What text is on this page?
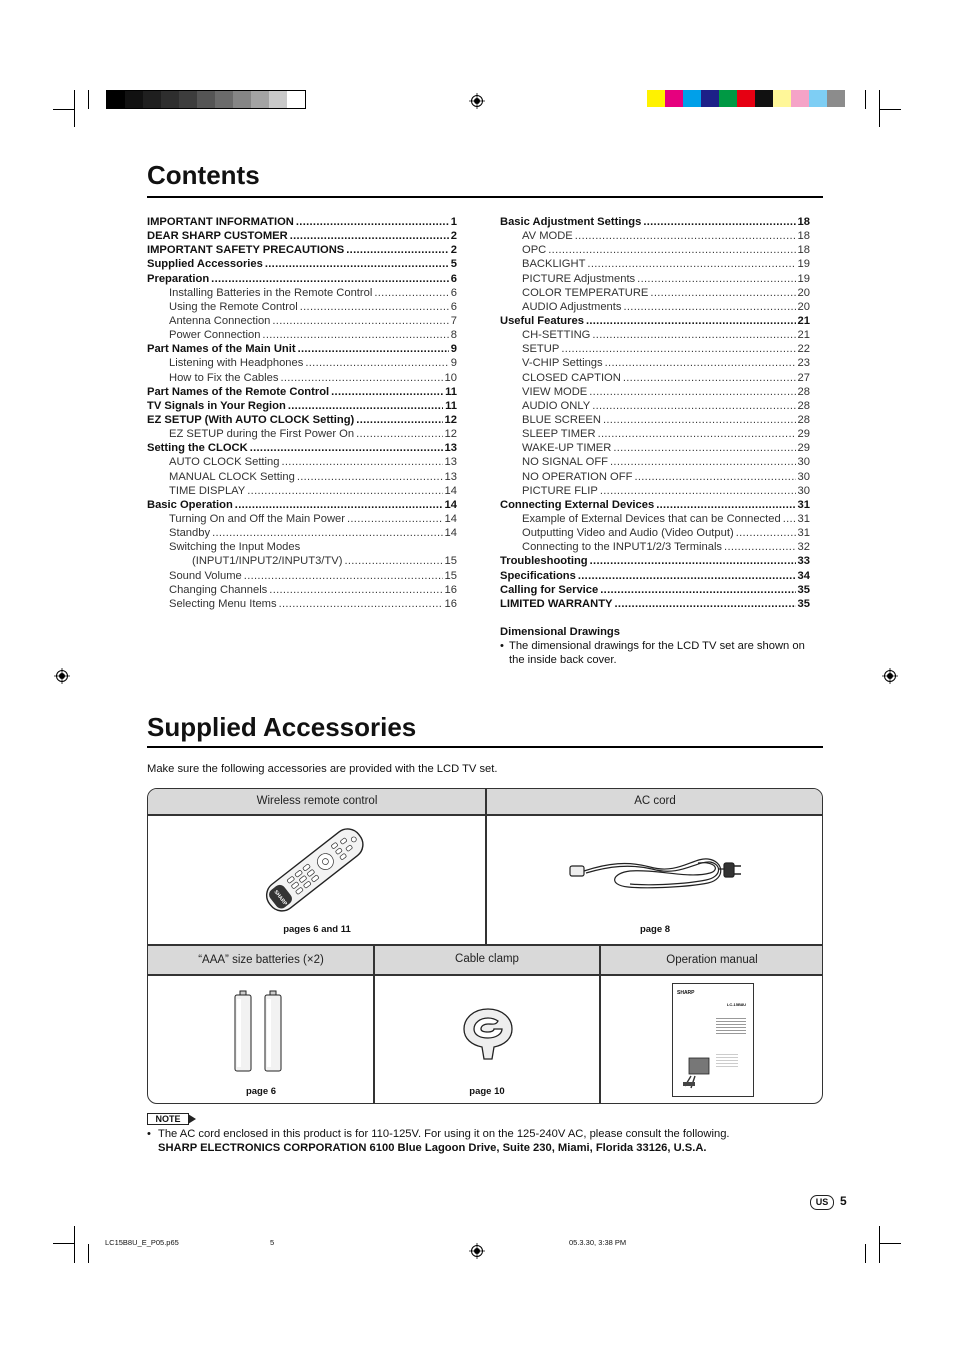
Contents
IMPORTANT INFORMATION .....	1
DEAR SHARP CUSTOMER .....	2
IMPORTANT SAFETY PRECAUTIONS .....	2
Supplied Accessories .....	5
Preparation .....	6
Installing Batteries in the Remote Control .....	6
Using the Remote Control .....	6
Antenna Connection .....	7
Power Connection .....	8
Part Names of the Main Unit .....	9
Listening with Headphones .....	9
How to Fix the Cables .....	10
Part Names of the Remote Control .....	11
TV Signals in Your Region .....	11
EZ SETUP (With AUTO CLOCK Setting) .....	12
EZ SETUP during the First Power On .....	12
Setting the CLOCK .....	13
AUTO CLOCK Setting .....	13
MANUAL CLOCK Setting .....	13
TIME DISPLAY .....	14
Basic Operation .....	14
Turning On and Off the Main Power .....	14
Standby .....	14
Switching the Input Modes
(INPUT1/INPUT2/INPUT3/TV) .....	15
Sound Volume .....	15
Changing Channels .....	16
Selecting Menu Items .....	16
Basic Adjustment Settings .....	18
AV MODE .....	18
OPC .....	18
BACKLIGHT .....	19
PICTURE Adjustments .....	19
COLOR TEMPERATURE .....	20
AUDIO Adjustments .....	20
Useful Features .....	21
CH-SETTING .....	21
SETUP .....	22
V-CHIP Settings .....	23
CLOSED CAPTION .....	27
VIEW MODE .....	28
AUDIO ONLY .....	28
BLUE SCREEN .....	28
SLEEP TIMER .....	29
WAKE-UP TIMER .....	29
NO SIGNAL OFF .....	30
NO OPERATION OFF .....	30
PICTURE FLIP .....	30
Connecting External Devices .....	31
Example of External Devices that can be Connected ..... 31
Outputting Video and Audio (Video Output) .....	31
Connecting to the INPUT1/2/3 Terminals .....	32
Troubleshooting .....	33
Specifications .....	34
Calling for Service .....	35
LIMITED WARRANTY .....	35
Dimensional Drawings
• The dimensional drawings for the LCD TV set are shown on
the inside back cover.
Supplied Accessories
Make sure the following accessories are provided with the LCD TV set.
Wireless remote control	AC cord
SHARP
pages 6 and 11	page 8
“AAA” size batteries (×2)	Cable clamp	Operation manual
page 6	page 10
SHARP
LC-15B8U
NOTE
• The AC cord enclosed in this product is for 110-125V. For using it on the 125-240V AC, please consult the following.
SHARP ELECTRONICS CORPORATION 6100 Blue Lagoon Drive, Suite 230, Miami, Florida 33126, U.S.A.
US 5
LC15B8U_E_P05.p65	5	05.3.30, 3:38 PM
